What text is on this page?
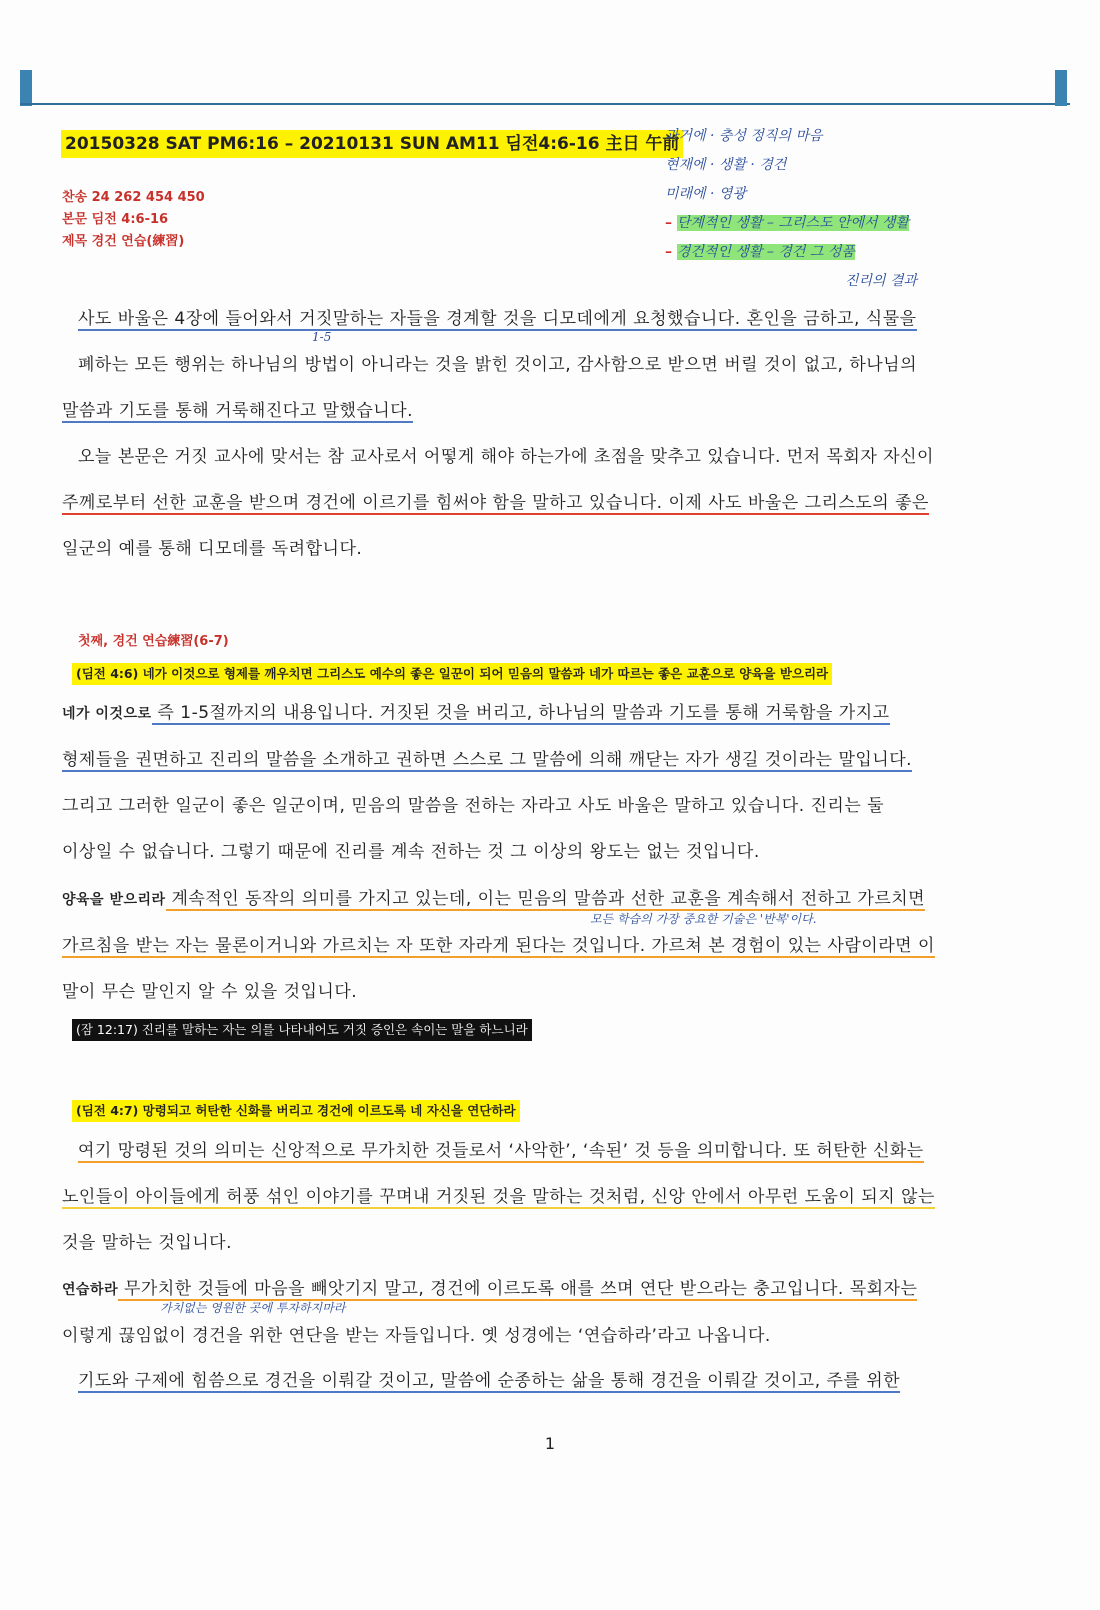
20150328 SAT PM6:16 – 20210131 SUN AM11 딤전4:6-16 主日 午前
찬송 24 262 454 450
본문 딤전 4:6-16
제목 경건 연습(練習)
과거에 · 충성 정직의 마음
현재에 · 생활 · 경건
미래에 · 영광
– 단계적인 생활 – 그리스도 안에서 생활
– 경건적인 생활 – 경건 그 성품
진리의 결과
사도 바울은 4장에 들어와서 거짓말하는 자들을 경계할 것을 디모데에게 요청했습니다. 혼인을 금하고, 식물을
폐하는 모든 행위는 하나님의 방법이 아니라는 것을 밝힌 것이고, 감사함으로 받으면 버릴 것이 없고, 하나님의
말씀과 기도를 통해 거룩해진다고 말했습니다.
1-5
오늘 본문은 거짓 교사에 맞서는 참 교사로서 어떻게 해야 하는가에 초점을 맞추고 있습니다. 먼저 목회자 자신이
주께로부터 선한 교훈을 받으며 경건에 이르기를 힘써야 함을 말하고 있습니다. 이제 사도 바울은 그리스도의 좋은
일군의 예를 통해 디모데를 독려합니다.
첫째, 경건 연습練習(6-7)
(딤전 4:6) 네가 이것으로 형제를 깨우치면 그리스도 예수의 좋은 일꾼이 되어 믿음의 말씀과 네가 따르는 좋은 교훈으로 양육을 받으리라
네가 이것으로 즉 1-5절까지의 내용입니다. 거짓된 것을 버리고, 하나님의 말씀과 기도를 통해 거룩함을 가지고
형제들을 권면하고 진리의 말씀을 소개하고 권하면 스스로 그 말씀에 의해 깨닫는 자가 생길 것이라는 말입니다.
그리고 그러한 일군이 좋은 일군이며, 믿음의 말씀을 전하는 자라고 사도 바울은 말하고 있습니다. 진리는 둘
이상일 수 없습니다. 그렇기 때문에 진리를 계속 전하는 것 그 이상의 왕도는 없는 것입니다.
양육을 받으리라 계속적인 동작의 의미를 가지고 있는데, 이는 믿음의 말씀과 선한 교훈을 계속해서 전하고 가르치면
가르침을 받는 자는 물론이거니와 가르치는 자 또한 자라게 된다는 것입니다. 가르쳐 본 경험이 있는 사람이라면 이
말이 무슨 말인지 알 수 있을 것입니다.
모든 학습의 가장 중요한 기술은 '반복'이다.
(잠 12:17) 진리를 말하는 자는 의를 나타내어도 거짓 증인은 속이는 말을 하느니라
(딤전 4:7) 망령되고 허탄한 신화를 버리고 경건에 이르도록 네 자신을 연단하라
여기 망령된 것의 의미는 신앙적으로 무가치한 것들로서 ‘사악한’, ‘속된’ 것 등을 의미합니다. 또 허탄한 신화는
노인들이 아이들에게 허풍 섞인 이야기를 꾸며내 거짓된 것을 말하는 것처럼, 신앙 안에서 아무런 도움이 되지 않는
것을 말하는 것입니다.
연습하라 무가치한 것들에 마음을 빼앗기지 말고, 경건에 이르도록 애를 쓰며 연단 받으라는 충고입니다. 목회자는
이렇게 끊임없이 경건을 위한 연단을 받는 자들입니다. 옛 성경에는 ‘연습하라’라고 나옵니다.
가치없는 영원한 곳에 투자하지마라
기도와 구제에 힘씀으로 경건을 이뤄갈 것이고, 말씀에 순종하는 삶을 통해 경건을 이뤄갈 것이고, 주를 위한
1
